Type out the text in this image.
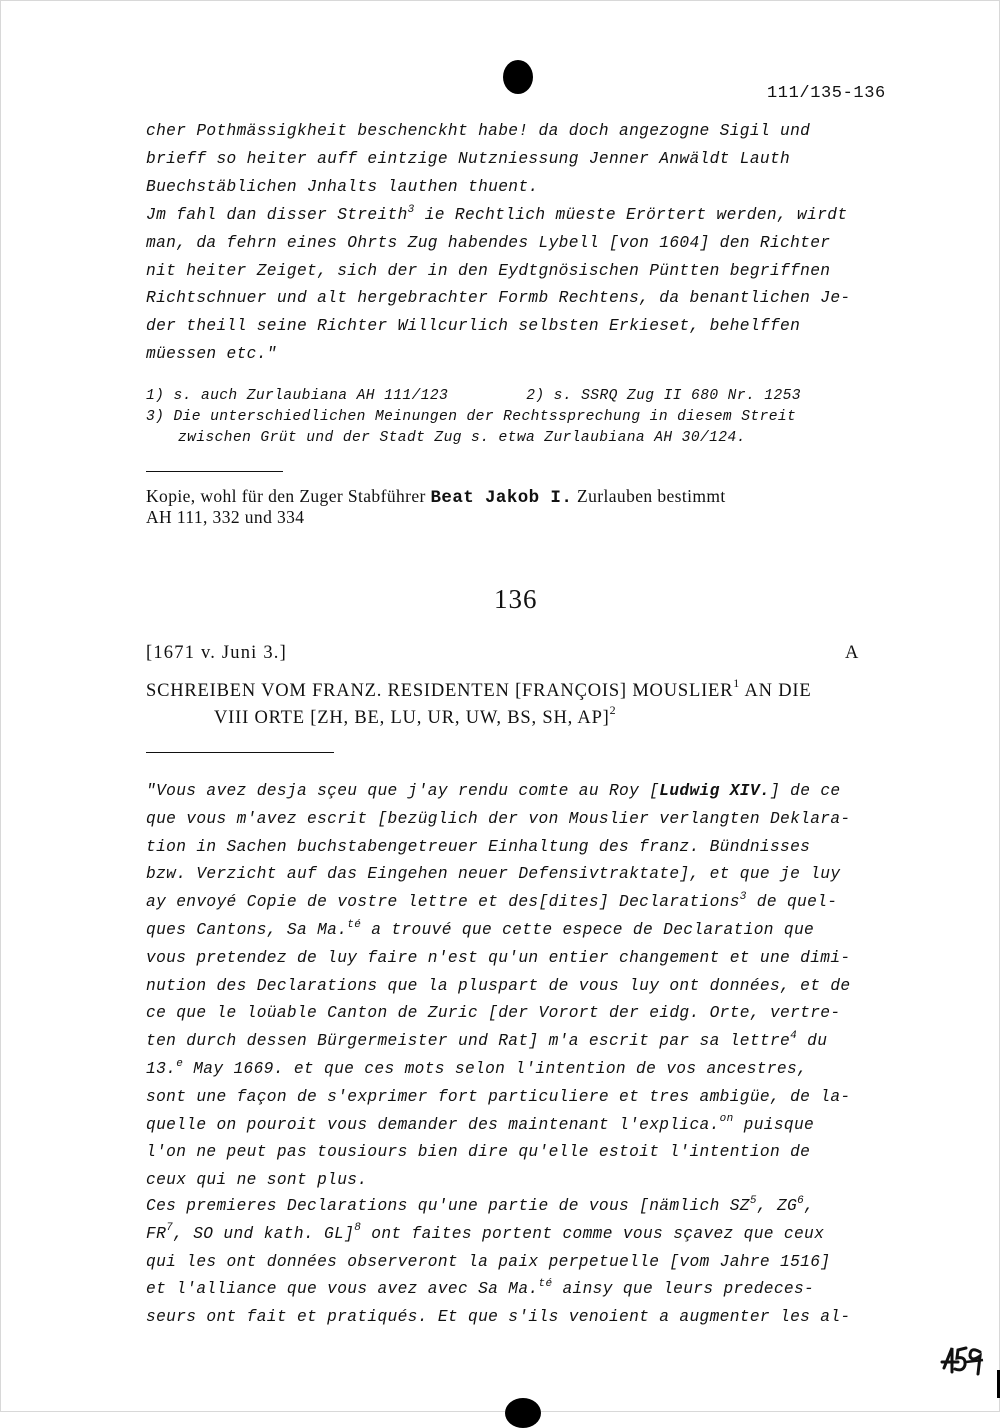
111/135-136

cher Pothmässigkheit beschenckht habe! da doch angezogne Sigil und
brieff so heiter auff eintzige Nutzniessung Jenner Anwäldt Lauth
Buechstäblichen Jnhalts lauthen thuent.

Jm fahl dan disser Streith$^3$ ie Rechtlich müeste Erörtert werden, wirdt
man, da fehrn eines Ohrts Zug habendes Lybell [von 1604] den Richter
nit heiter Zeiget, sich der in den Eydtgnösischen Püntten begriffnen
Richtschnuer und alt hergebrachter Formb Rechtens, da benantlichen Je-
der theill seine Richter Willcurlich selbsten Erkieset, behelffen
müessen etc."

1) s. auch Zurlaubiana AH 111/123	2) s. SSRQ Zug II 680 Nr. 1253

3) Die unterschiedlichen Meinungen der Rechtssprechung in diesem Streit

zwischen Grüt und der Stadt Zug s. etwa Zurlaubiana AH 30/124.

Kopie, wohl für den Zuger Stabführer Beat Jakob I. Zurlauben bestimmt

AH 111, 332 und 334

136

[1671 v. Juni 3.]	A

SCHREIBEN VOM FRANZ. RESIDENTEN [FRANÇOIS] MOUSLIER$^1$ AN DIE
VIII ORTE [ZH, BE, LU, UR, UW, BS, SH, AP]$^2$

"Vous avez desja sçeu que j'ay rendu comte au Roy [Ludwig XIV.] de ce
que vous m'avez escrit [bezüglich der von Mouslier verlangten Deklara-
tion in Sachen buchstabengetreuer Einhaltung des franz. Bündnisses
bzw. Verzicht auf das Eingehen neuer Defensivtraktate], et que je luy
ay envoyé Copie de vostre lettre et des[dites] Declarations$^3$ de quel-
ques Cantons, Sa Ma.$^{té}$ a trouvé que cette espece de Declaration que
vous pretendez de luy faire n'est qu'un entier changement et une dimi-
nution des Declarations que la pluspart de vous luy ont données, et de
ce que le loüable Canton de Zuric [der Vorort der eidg. Orte, vertre-
ten durch dessen Bürgermeister und Rat] m'a escrit par sa lettre$^4$ du
13.$^e$ May 1669. et que ces mots selon l'intention de vos ancestres,
sont une façon de s'exprimer fort particuliere et tres ambigüe, de la-
quelle on pouroit vous demander des maintenant l'explica.$^{on}$ puisque
l'on ne peut pas tousiours bien dire qu'elle estoit l'intention de
ceux qui ne sont plus.

Ces premieres Declarations qu'une partie de vous [nämlich $SZ^5$, $ZG^6$,
$FR^7$, SO und kath. GL]$^8$ ont faites portent comme vous sçavez que ceux
qui les ont données observeront la paix perpetuelle [vom Jahre 1516]
et l'alliance que vous avez avec Sa Ma.$^{té}$ ainsy que leurs predeces-
seurs ont fait et pratiqués. Et que s'ils venoient a augmenter les al-
